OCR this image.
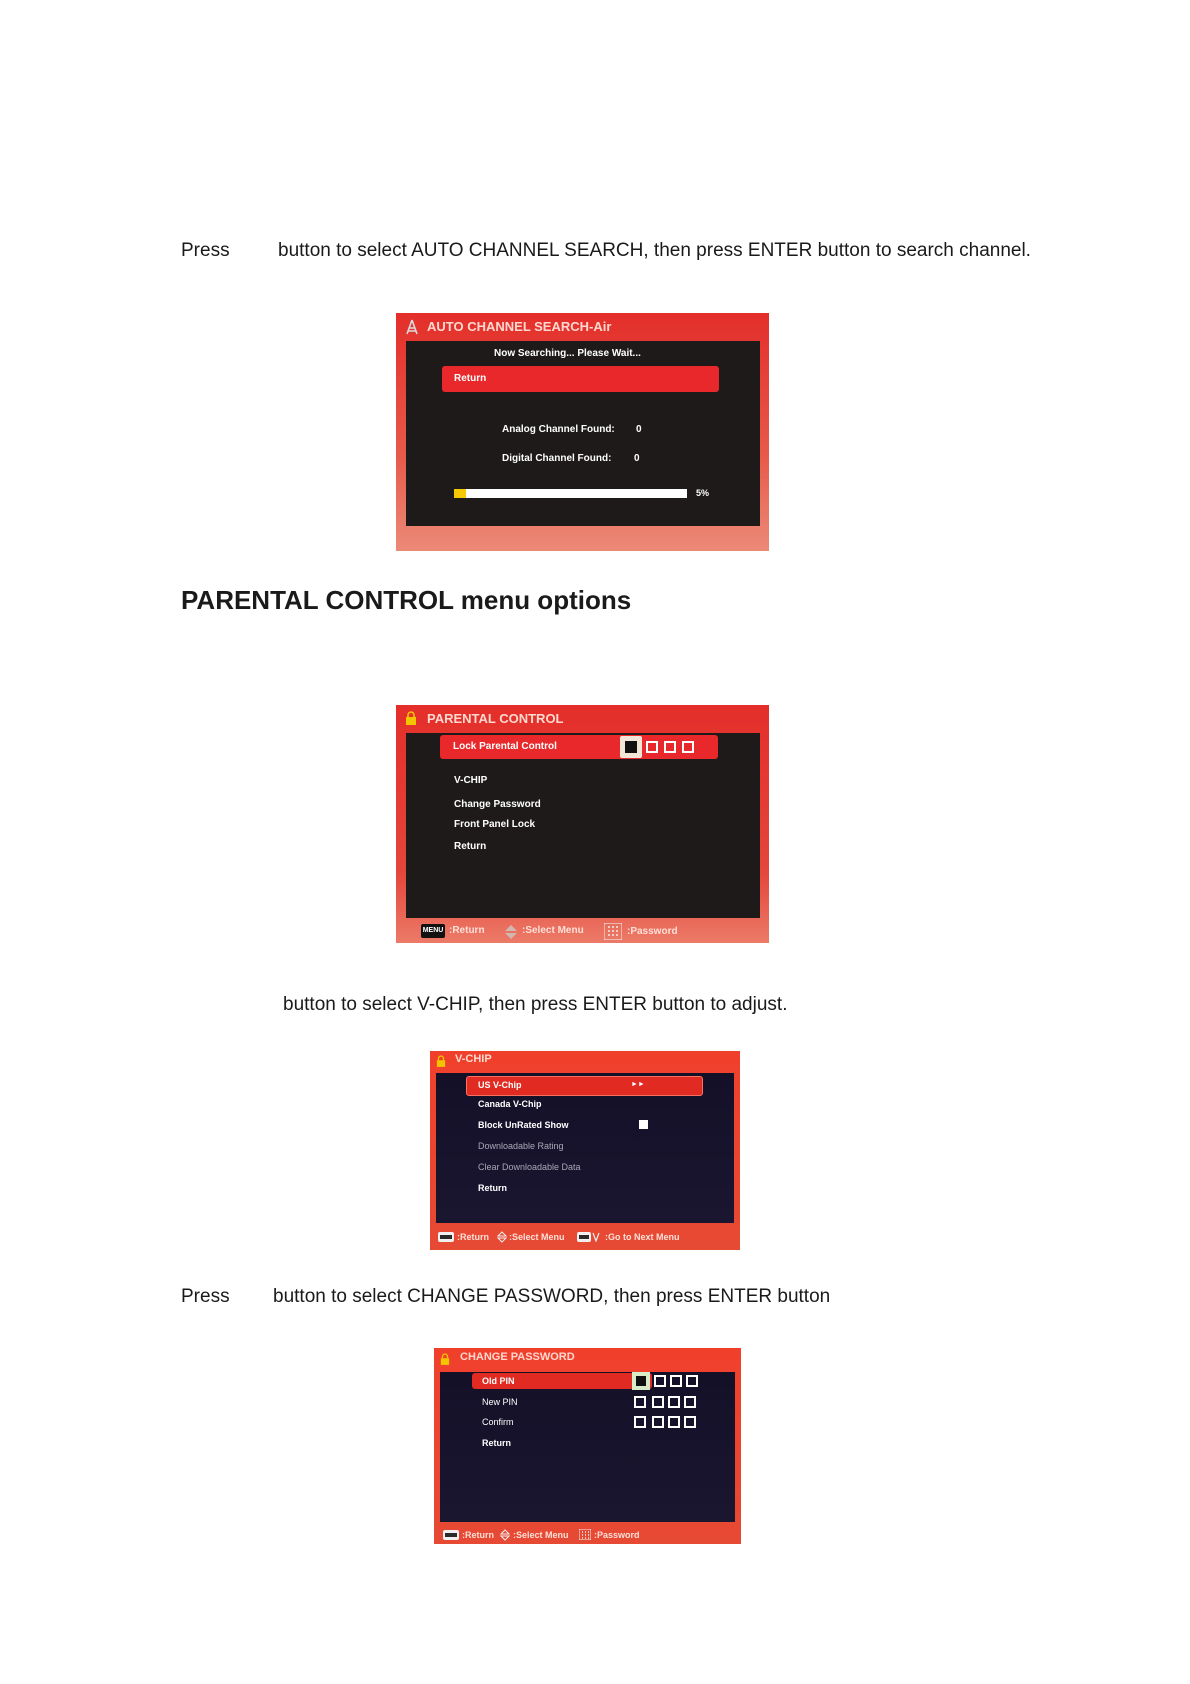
Press	button to select AUTO CHANNEL SEARCH, then press ENTER button to search channel.
AUTO CHANNEL SEARCH-Air
Now Searching... Please Wait...
Return
Analog Channel Found: 0
Digital Channel Found: 0
5%
PARENTAL CONTROL menu options
PARENTAL CONTROL
Lock Parental Control
V-CHIP
Change Password
Front Panel Lock
Return
MENU :Return	:Select Menu	:Password
button to select V-CHIP, then press ENTER button to adjust.
V-CHIP
US V-Chip	►►
Canada V-Chip
Block UnRated Show
Downloadable Rating
Clear Downloadable Data
Return
:Return :Select Menu	:Go to Next Menu
Press button to select CHANGE PASSWORD, then press ENTER button
CHANGE PASSWORD
Old PIN
New PIN
Confirm
Return
:Return :Select Menu	:Password
